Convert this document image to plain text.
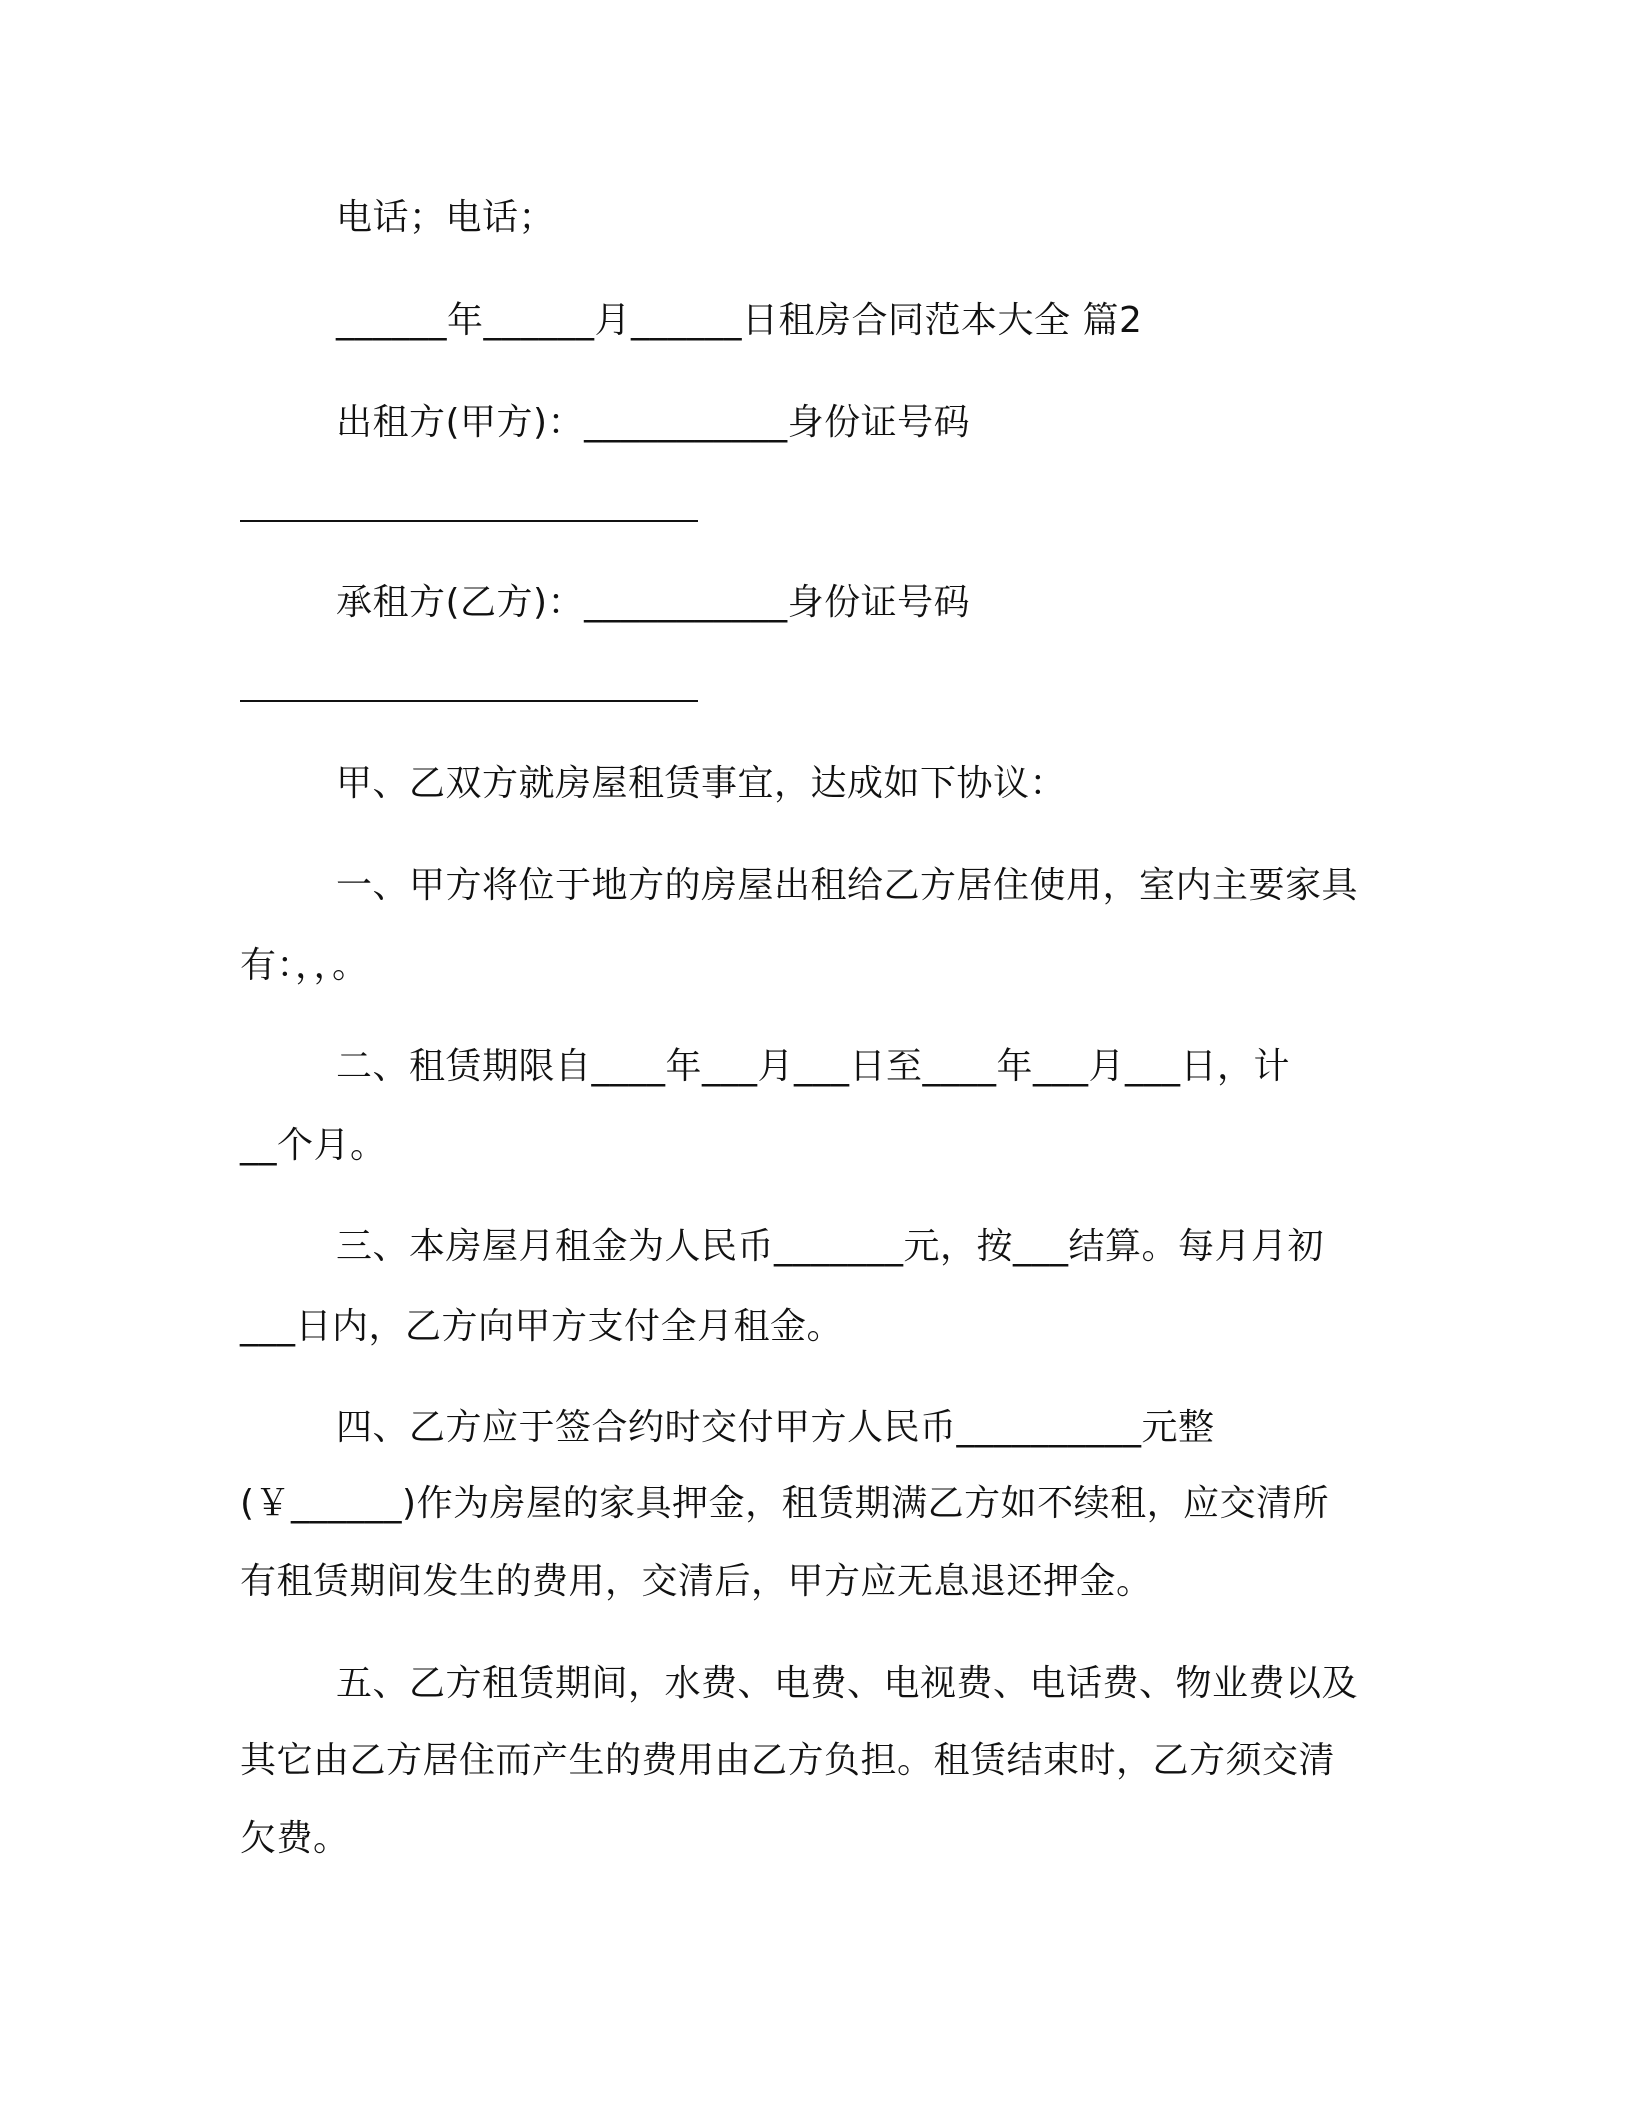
电话；电话；
______年______月______日租房合同范本大全 篇2
出租方(甲方)：___________身份证号码
承租方(乙方)：___________身份证号码
甲、乙双方就房屋租赁事宜，达成如下协议：
一、甲方将位于地方的房屋出租给乙方居住使用，室内主要家具
有：，，。
二、租赁期限自____年___月___日至____年___月___日，计
__个月。
三、本房屋月租金为人民币_______元，按___结算。每月月初
___日内，乙方向甲方支付全月租金。
四、乙方应于签合约时交付甲方人民币__________元整
(￥______)作为房屋的家具押金，租赁期满乙方如不续租，应交清所
有租赁期间发生的费用，交清后，甲方应无息退还押金。
五、乙方租赁期间，水费、电费、电视费、电话费、物业费以及
其它由乙方居住而产生的费用由乙方负担。租赁结束时，乙方须交清
欠费。
